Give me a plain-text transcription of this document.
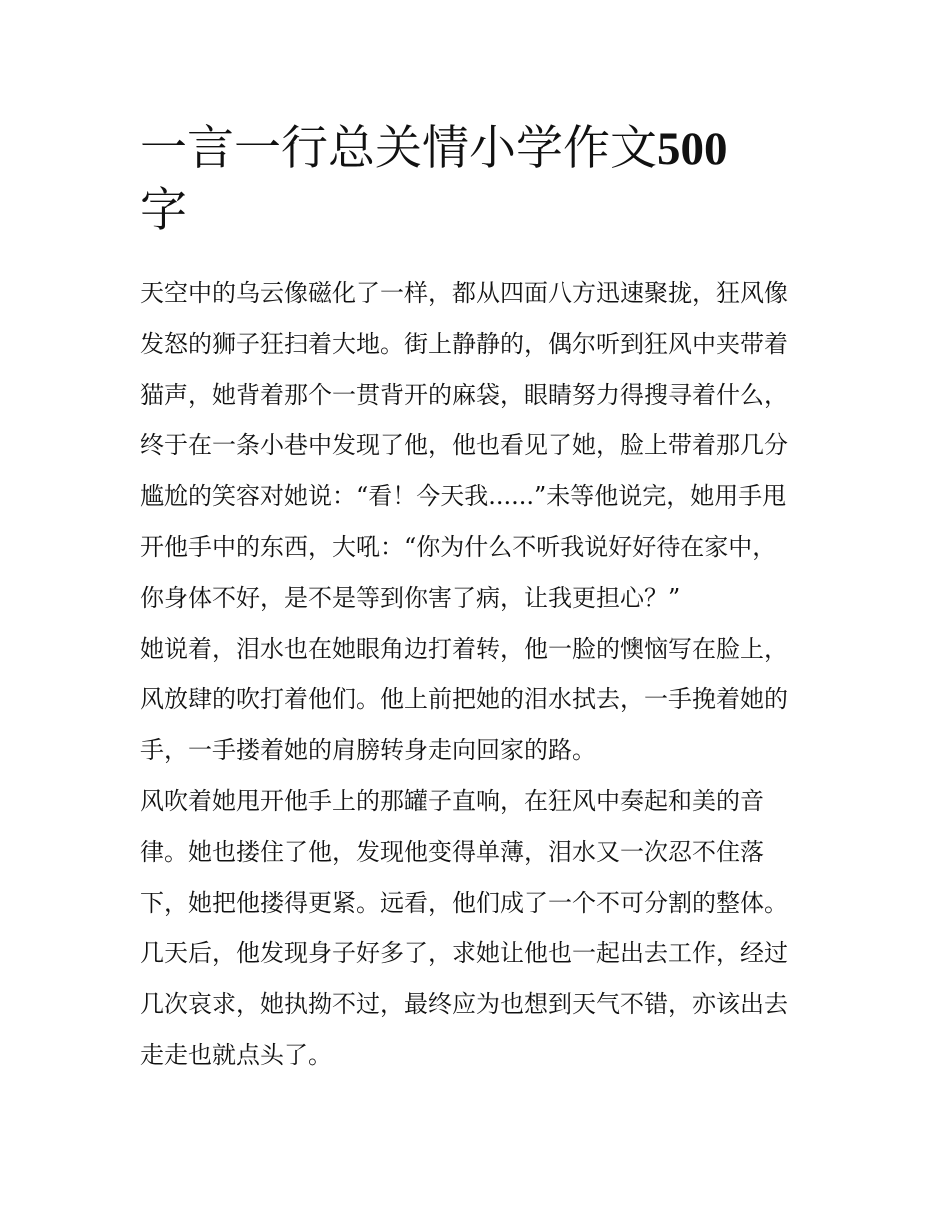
一言一行总关情小学作文500
字
天空中的乌云像磁化了一样，都从四面八方迅速聚拢，狂风像
发怒的狮子狂扫着大地。街上静静的，偶尔听到狂风中夹带着
猫声，她背着那个一贯背开的麻袋，眼睛努力得搜寻着什么，
终于在一条小巷中发现了他，他也看见了她，脸上带着那几分
尴尬的笑容对她说：“看！今天我......”未等他说完，她用手甩
开他手中的东西，大吼：“你为什么不听我说好好待在家中，
你身体不好，是不是等到你害了病，让我更担心？”
她说着，泪水也在她眼角边打着转，他一脸的懊恼写在脸上，
风放肆的吹打着他们。他上前把她的泪水拭去，一手挽着她的
手，一手搂着她的肩膀转身走向回家的路。
风吹着她甩开他手上的那罐子直响，在狂风中奏起和美的音
律。她也搂住了他，发现他变得单薄，泪水又一次忍不住落
下，她把他搂得更紧。远看，他们成了一个不可分割的整体。
几天后，他发现身子好多了，求她让他也一起出去工作，经过
几次哀求，她执拗不过，最终应为也想到天气不错，亦该出去
走走也就点头了。
